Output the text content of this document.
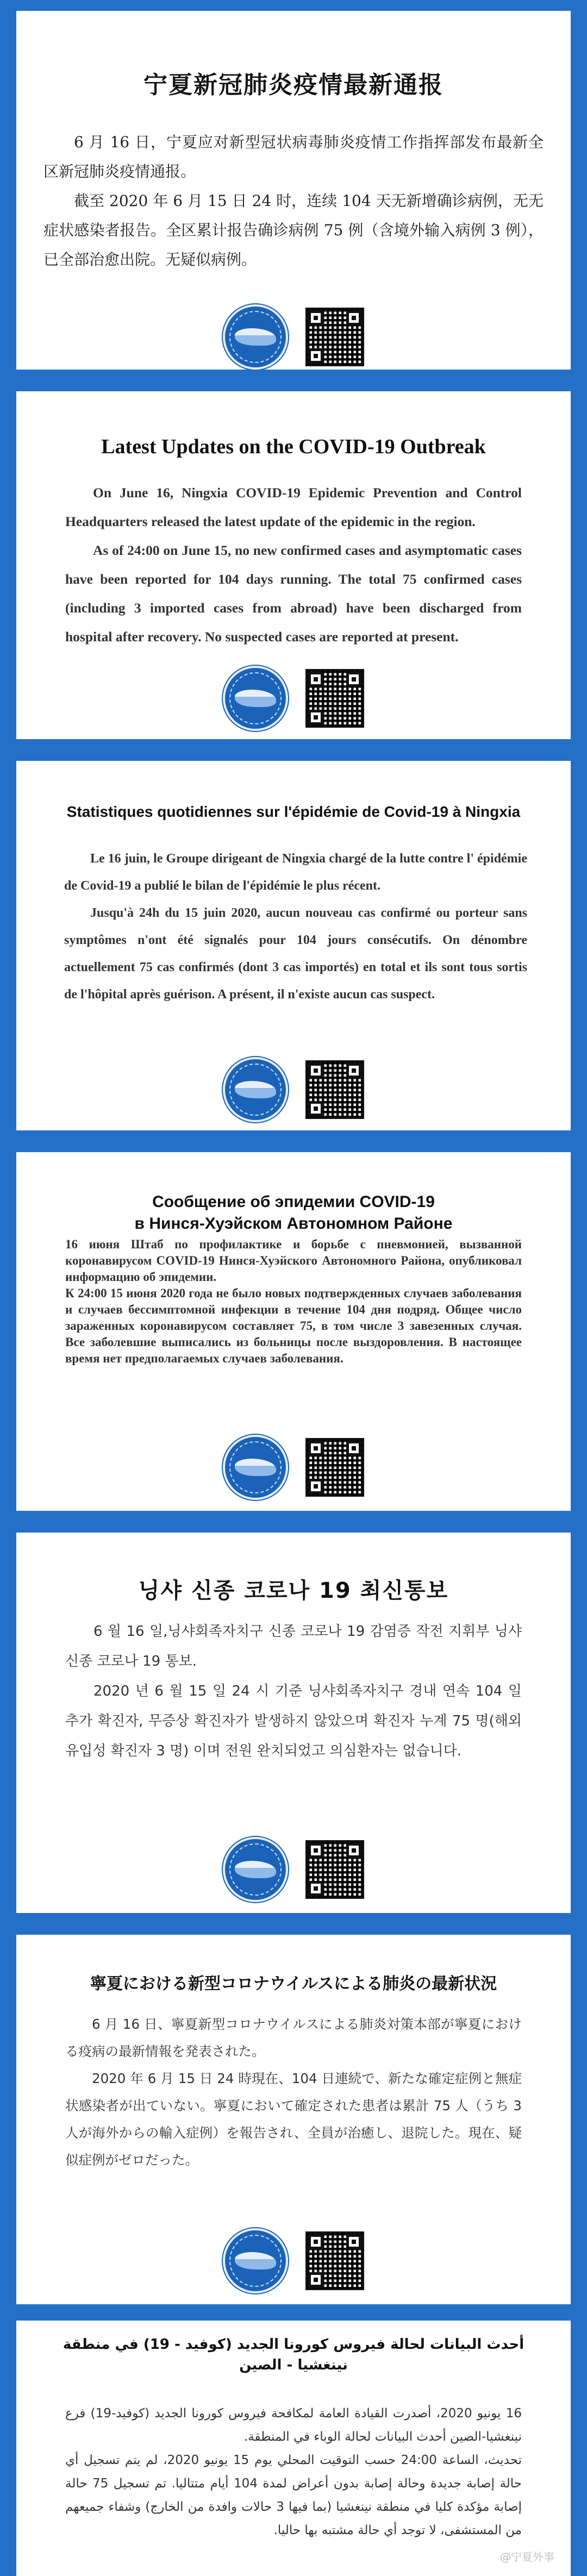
宁夏新冠肺炎疫情最新通报

6 月 16 日，宁夏应对新型冠状病毒肺炎疫情工作指挥部发布最新全区新冠肺炎疫情通报。

截至 2020 年 6 月 15 日 24 时，连续 104 天无新增确诊病例，无无症状感染者报告。全区累计报告确诊病例 75 例（含境外输入病例 3 例），已全部治愈出院。无疑似病例。

Latest Updates on the COVID-19 Outbreak

On June 16, Ningxia COVID-19 Epidemic Prevention and Control Headquarters released the latest update of the epidemic in the region.

As of 24:00 on June 15, no new confirmed cases and asymptomatic cases have been reported for 104 days running. The total 75 confirmed cases (including 3 imported cases from abroad) have been discharged from hospital after recovery. No suspected cases are reported at present.

Statistiques quotidiennes sur l'épidémie de Covid-19 à Ningxia

Le 16 juin, le Groupe dirigeant de Ningxia chargé de la lutte contre l' épidémie de Covid-19 a publié le bilan de l'épidémie le plus récent.

Jusqu'à 24h du 15 juin 2020, aucun nouveau cas confirmé ou porteur sans symptômes n'ont été signalés pour 104 jours consécutifs. On dénombre actuellement 75 cas confirmés (dont 3 cas importés) en total et ils sont tous sortis de l'hôpital après guérison. A présent, il n'existe aucun cas suspect.

Сообщение об эпидемии COVID-19
в Нинся-Хуэйском Автономном Районе

16 июня Штаб по профилактике и борьбе с пневмонией, вызванной коронавирусом COVID-19 Нинся-Хуэйского Автономного Района, опубликовал информацию об эпидемии.

К 24:00 15 июня 2020 года не было новых подтвержденных случаев заболевания и случаев бессимптомной инфекции в течение 104 дня подряд. Общее число зараженных коронавирусом составляет 75, в том числе 3 завезенных случая. Все заболевшие выписались из больницы после выздоровления. В настоящее время нет предполагаемых случаев заболевания.

닝샤 신종 코로나 19 최신통보

6 월 16 일,닝샤회족자치구 신종 코로나 19 감염증 작전 지휘부 닝샤 신종 코로나 19 통보.

2020 년 6 월 15 일 24 시 기준 닝샤회족자치구 경내 연속 104 일 추가 확진자, 무증상 확진자가 발생하지 않았으며 확진자 누계 75 명(해외 유입성 확진자 3 명) 이며 전원 완치되었고 의심환자는 없습니다.

寧夏における新型コロナウイルスによる肺炎の最新状況

6 月 16 日、寧夏新型コロナウイルスによる肺炎対策本部が寧夏における疫病の最新情報を発表された。

2020 年 6 月 15 日 24 時現在、104 日連続で、新たな確定症例と無症状感染者が出ていない。寧夏において確定された患者は累計 75 人（うち 3 人が海外からの輸入症例）を報告され、全員が治癒し、退院した。現在、疑似症例がゼロだった。

أحدث البيانات لحالة فيروس كورونا الجديد (كوفيد - 19) في منطقة نينغشيا - الصين

16 يونيو 2020، أصدرت القيادة العامة لمكافحة فيروس كورونا الجديد (كوفيد-19) فرع نينغشيا-الصين أحدث البيانات لحالة الوباء في المنطقة.

تحديث، الساعة 24:00 حسب التوقيت المحلي يوم 15 يونيو 2020، لم يتم تسجيل أي حالة إصابة جديدة وحالة إصابة بدون أعراض لمدة 104 أيام متتاليا. تم تسجيل 75 حالة إصابة مؤكدة كليا في منطقة نينغشيا (بما فيها 3 حالات وافدة من الخارج) وشفاء جميعهم من المستشفى، لا توجد أي حالة مشتبه بها حاليا.

@宁夏外事
